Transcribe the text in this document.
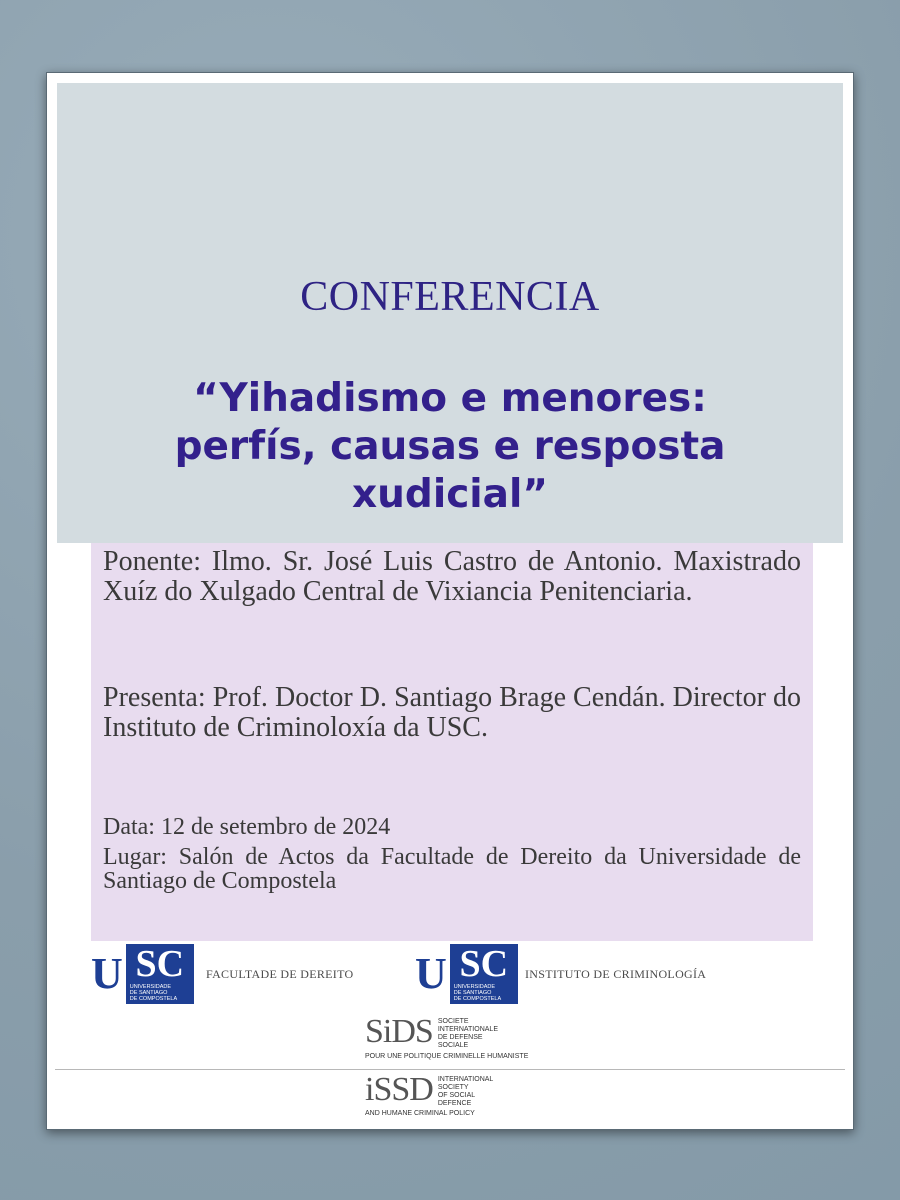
CONFERENCIA
“Yihadismo e menores:
perfís, causas e resposta
xudicial”
Ponente: Ilmo. Sr. José Luis Castro de Antonio. Maxistrado Xuíz do Xulgado Central de Vixiancia Penitenciaria.
Presenta: Prof. Doctor D. Santiago Brage Cendán. Director do Instituto de Criminoloxía da USC.
Data: 12 de setembro de 2024
Lugar: Salón de Actos da Facultade de Dereito da Universidade de Santiago de Compostela
U SC
UNIVERSIDADE
DE SANTIAGO
DE COMPOSTELA
FACULTADE DE DEREITO U SC
UNIVERSIDADE
DE SANTIAGO
DE COMPOSTELA
INSTITUTO DE CRIMINOLOGÍA
SiDS SOCIETE
INTERNATIONALE
DE DEFENSE
SOCIALE
POUR UNE POLITIQUE CRIMINELLE HUMANISTE
iSSD INTERNATIONAL
SOCIETY
OF SOCIAL
DEFENCE
AND HUMANE CRIMINAL POLICY
